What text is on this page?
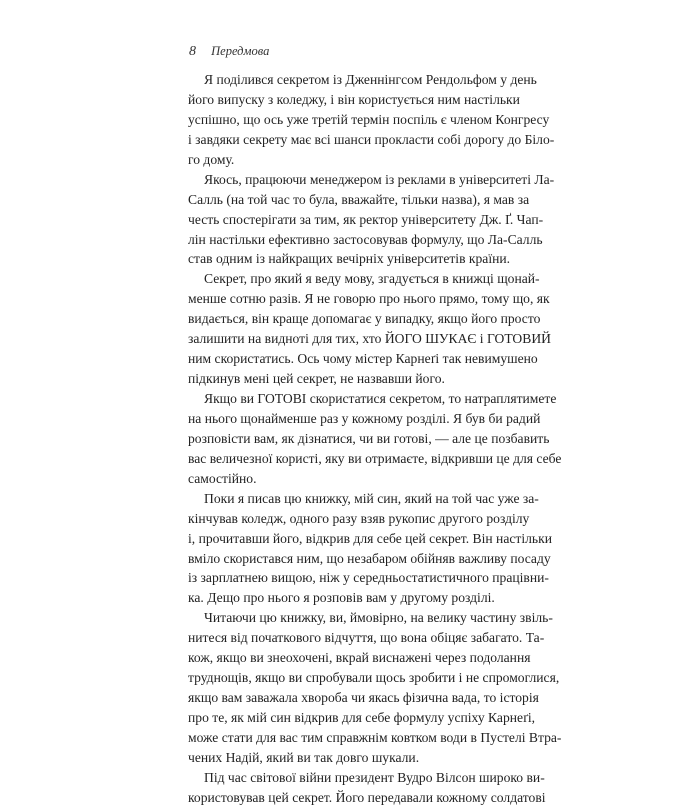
8 Передмова
Я поділився секретом із Дженнінгсом Рендольфом у день
його випуску з коледжу, і він користується ним настільки
успішно, що ось уже третій термін поспіль є членом Конгресу
і завдяки секрету має всі шанси прокласти собі дорогу до Біло-
го дому.
Якось, працюючи менеджером із реклами в університеті Ла-
Салль (на той час то була, вважайте, тільки назва), я мав за
честь спостерігати за тим, як ректор університету Дж. Ґ. Чап-
лін настільки ефективно застосовував формулу, що Ла-Салль
став одним із найкращих вечірніх університетів країни.
Секрет, про який я веду мову, згадується в книжці щонай-
менше сотню разів. Я не говорю про нього прямо, тому що, як
видається, він краще допомагає у випадку, якщо його просто
залишити на видноті для тих, хто ЙОГО ШУКАЄ і ГОТОВИЙ
ним скористатись. Ось чому містер Карнеґі так невимушено
підкинув мені цей секрет, не назвавши його.
Якщо ви ГОТОВІ скористатися секретом, то натраплятимете
на нього щонайменше раз у кожному розділі. Я був би радий
розповісти вам, як дізнатися, чи ви готові, — але це позбавить
вас величезної користі, яку ви отримаєте, відкривши це для себе
самостійно.
Поки я писав цю книжку, мій син, який на той час уже за-
кінчував коледж, одного разу взяв рукопис другого розділу
і, прочитавши його, відкрив для себе цей секрет. Він настільки
вміло скористався ним, що незабаром обійняв важливу посаду
із зарплатнею вищою, ніж у середньостатистичного працівни-
ка. Дещо про нього я розповів вам у другому розділі.
Читаючи цю книжку, ви, ймовірно, на велику частину звіль-
нитеся від початкового відчуття, що вона обіцяє забагато. Та-
кож, якщо ви знеохочені, вкрай виснажені через подолання
труднощів, якщо ви спробували щось зробити і не спромоглися,
якщо вам заважала хвороба чи якась фізична вада, то історія
про те, як мій син відкрив для себе формулу успіху Карнеґі,
може стати для вас тим справжнім ковтком води в Пустелі Втра-
чених Надій, який ви так довго шукали.
Під час світової війни президент Вудро Вілсон широко ви-
користовував цей секрет. Його передавали кожному солдатові
